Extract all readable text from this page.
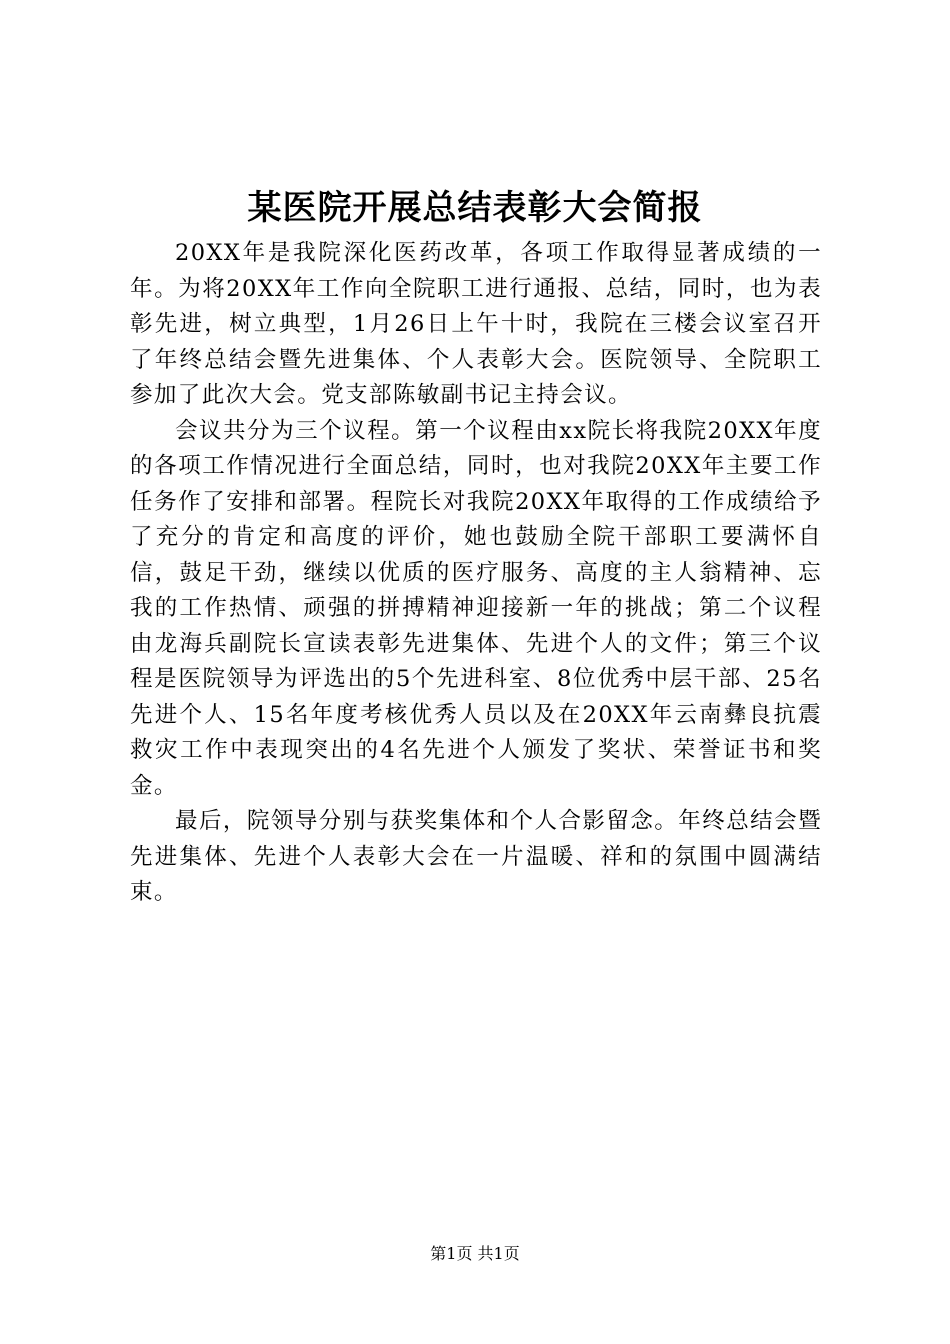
某医院开展总结表彰大会简报

20XX年是我院深化医药改革，各项工作取得显著成绩的一年。为将20XX年工作向全院职工进行通报、总结，同时，也为表彰先进，树立典型，1月26日上午十时，我院在三楼会议室召开了年终总结会暨先进集体、个人表彰大会。医院领导、全院职工参加了此次大会。党支部陈敏副书记主持会议。

会议共分为三个议程。第一个议程由xx院长将我院20XX年度的各项工作情况进行全面总结，同时，也对我院20XX年主要工作任务作了安排和部署。程院长对我院20XX年取得的工作成绩给予了充分的肯定和高度的评价，她也鼓励全院干部职工要满怀自信，鼓足干劲，继续以优质的医疗服务、高度的主人翁精神、忘我的工作热情、顽强的拼搏精神迎接新一年的挑战；第二个议程由龙海兵副院长宣读表彰先进集体、先进个人的文件；第三个议程是医院领导为评选出的5个先进科室、8位优秀中层干部、25名先进个人、15名年度考核优秀人员以及在20XX年云南彝良抗震救灾工作中表现突出的4名先进个人颁发了奖状、荣誉证书和奖金。

最后，院领导分别与获奖集体和个人合影留念。年终总结会暨先进集体、先进个人表彰大会在一片温暖、祥和的氛围中圆满结束。

第1页 共1页
